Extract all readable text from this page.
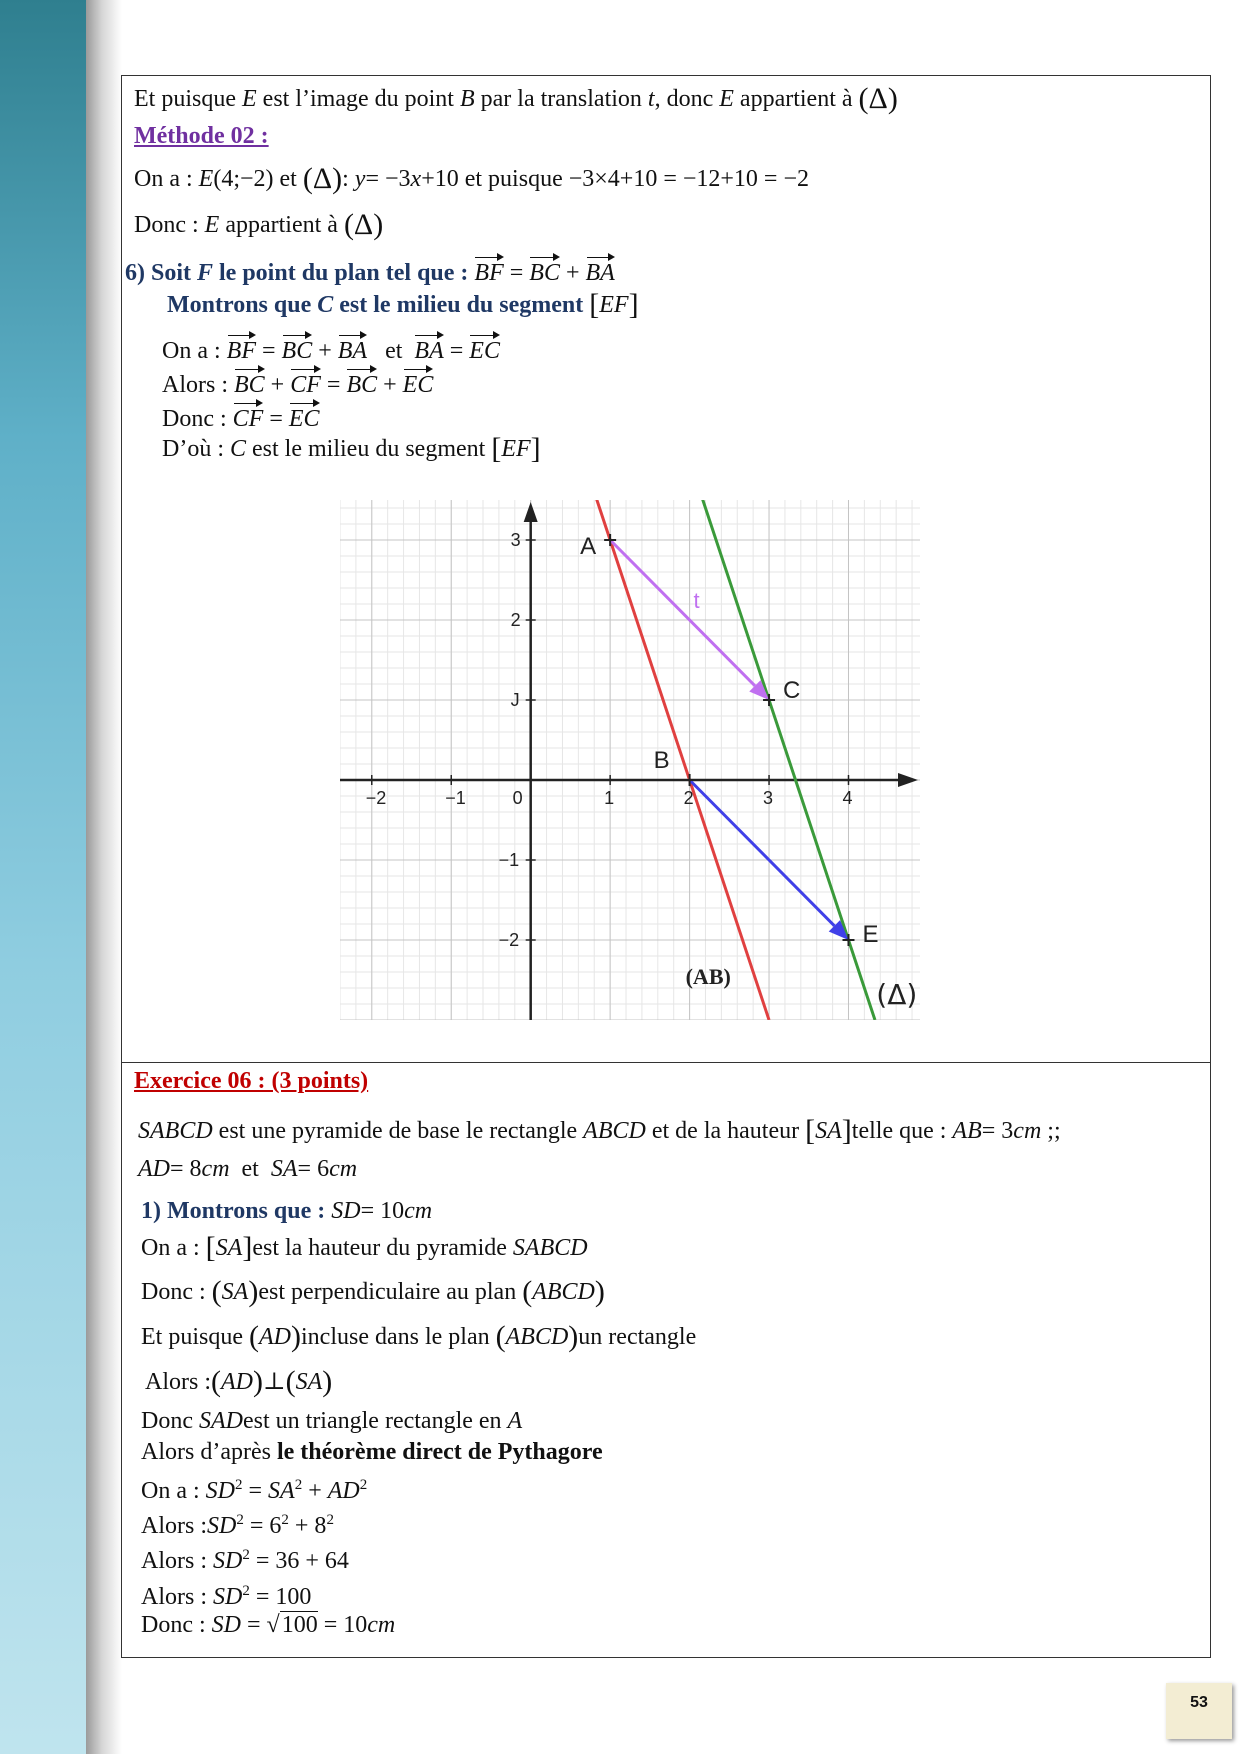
Et puisque E est l’image du point B par la translation t, donc E appartient à (Δ)
Méthode 02 :
On a : E(4;−2) et (Δ): y= −3x+10 et puisque −3×4+10 = −12+10 = −2
Donc : E appartient à (Δ)
6) Soit F le point du plan tel que : BF = BC + BA
Montrons que C est le milieu du segment [EF]
On a : BF = BC + BA et BA = EC
Alors : BC + CF = BC + EC
Donc : CF = EC
D’où : C est le milieu du segment [EF]
−2	−1	0	1	2	3	4
3
2
J
−1
−2
(AB)
(Δ)
t
A
B
C
E
Exercice 06 : (3 points)
SABCD est une pyramide de base le rectangle ABCD et de la hauteur [SA]telle que : AB= 3cm ;;
AD= 8cm et SA= 6cm
1) Montrons que : SD= 10cm
On a : [SA]est la hauteur du pyramide SABCD
Donc : (SA)est perpendiculaire au plan (ABCD)
Et puisque (AD)incluse dans le plan (ABCD)un rectangle
Alors :(AD)⊥(SA)
Donc SADest un triangle rectangle en A
Alors d’après le théorème direct de Pythagore
On a : $SD^2 = SA^2 + AD^2$
Alors $:SD^2 = 6^2 + 8^2$
Alors : $SD^2 = 36 + 64$
Alors : $SD^2 = 100$
Donc : SD = √100 = 10cm
53
